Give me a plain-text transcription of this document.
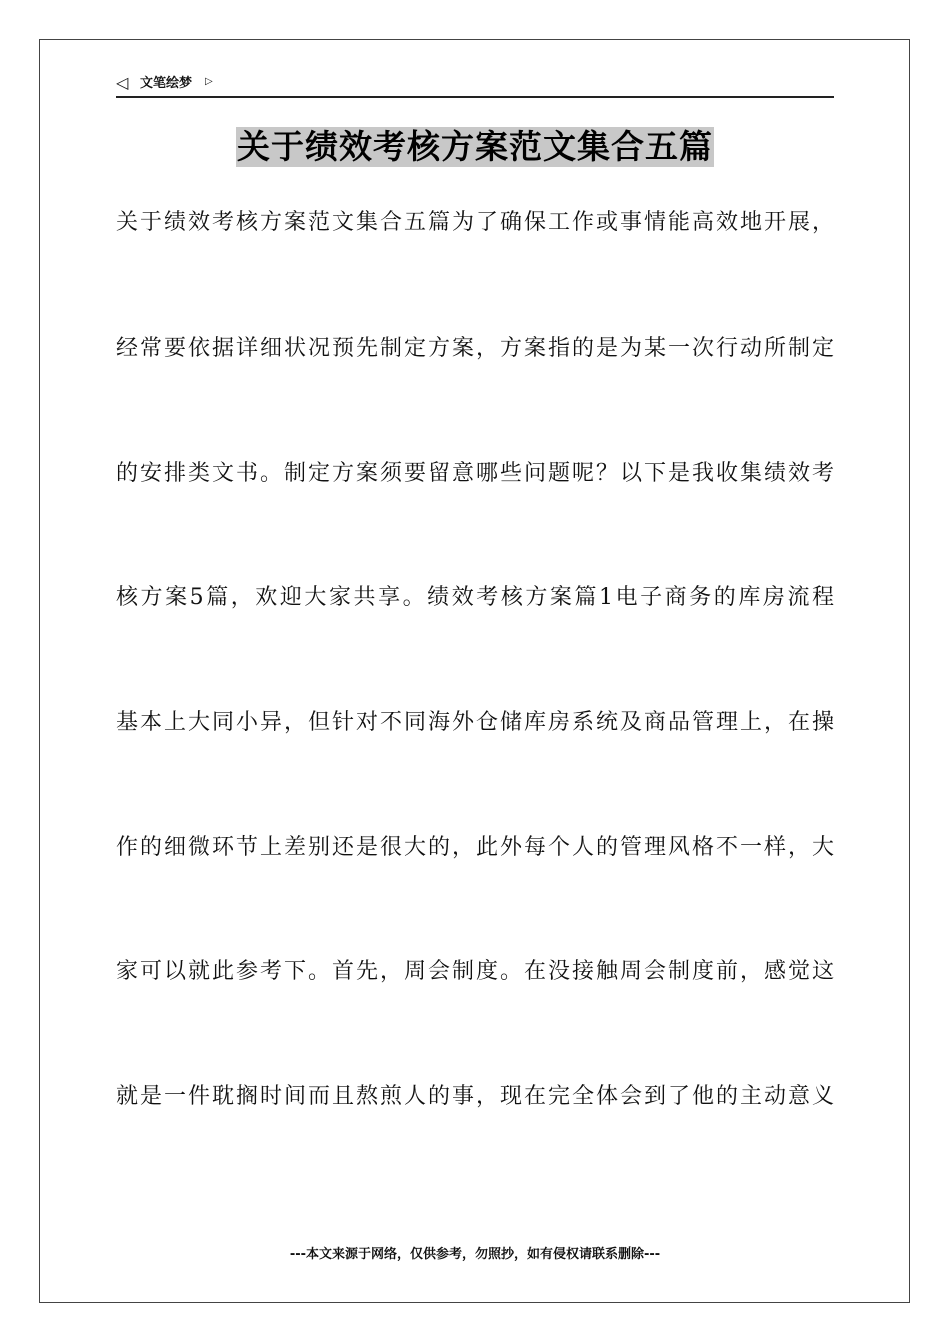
◁ 文笔绘梦 ▷
关于绩效考核方案范文集合五篇
关于绩效考核方案范文集合五篇为了确保工作或事情能高效地开展，
经常要依据详细状况预先制定方案，方案指的是为某一次行动所制定
的安排类文书。制定方案须要留意哪些问题呢？以下是我收集绩效考
核方案5篇，欢迎大家共享。绩效考核方案篇1电子商务的库房流程
基本上大同小异，但针对不同海外仓储库房系统及商品管理上，在操
作的细微环节上差别还是很大的，此外每个人的管理风格不一样，大
家可以就此参考下。首先，周会制度。在没接触周会制度前，感觉这
就是一件耽搁时间而且熬煎人的事，现在完全体会到了他的主动意义
---本文来源于网络，仅供参考，勿照抄，如有侵权请联系删除---
